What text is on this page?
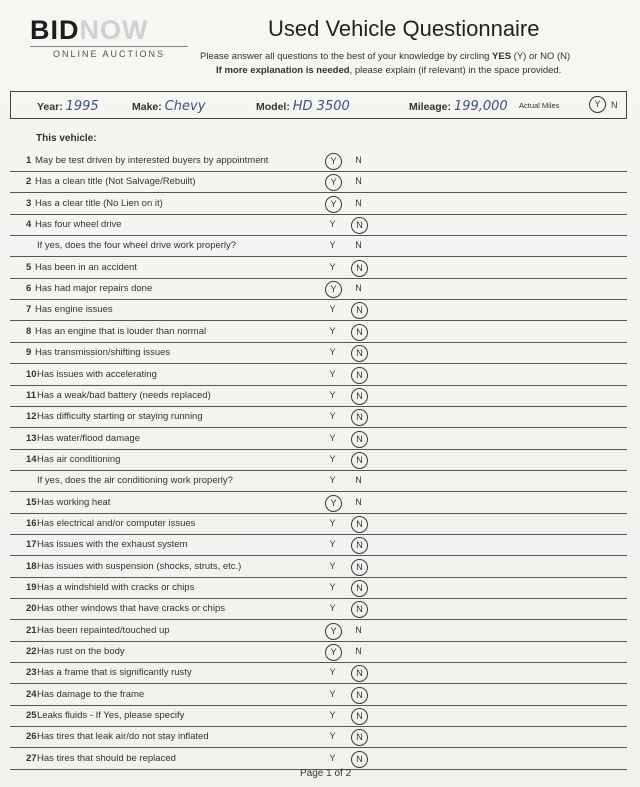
BIDNOW
ONLINE AUCTIONS
Used Vehicle Questionnaire
Please answer all questions to the best of your knowledge by circling YES (Y) or NO (N)
If more explanation is needed, please explain (if relevant) in the space provided.
Year: 1995	Make: Chevy	Model: HD 3500	Mileage: 199,000 Actual Miles	Y	N
This vehicle:
1 May be test driven by interested buyers by appointment	Y	N
2 Has a clean title (Not Salvage/Rebuilt)	Y	N
3 Has a clear title (No Lien on it)	Y	N
4 Has four wheel drive	Y	N
If yes, does the four wheel drive work properly?	Y	N
5 Has been in an accident	Y	N
6 Has had major repairs done	Y	N
7 Has engine issues	Y	N
8 Has an engine that is louder than normal	Y	N
9 Has transmission/shifting issues	Y	N
10 Has issues with accelerating	Y	N
11 Has a weak/bad battery (needs replaced)	Y	N
12 Has difficulty starting or staying running	Y	N
13 Has water/flood damage	Y	N
14 Has air conditioning	Y	N
If yes, does the air conditioning work properly?	Y	N
15 Has working heat	Y	N
16 Has electrical and/or computer issues	Y	N
17 Has issues with the exhaust system	Y	N
18 Has issues with suspension (shocks, struts, etc.)	Y	N
19 Has a windshield with cracks or chips	Y	N
20 Has other windows that have cracks or chips	Y	N
21 Has been repainted/touched up	Y	N
22 Has rust on the body	Y	N
23 Has a frame that is significantly rusty	Y	N
24 Has damage to the frame	Y	N
25 Leaks fluids - If Yes, please specify	Y	N
26 Has tires that leak air/do not stay inflated	Y	N
27 Has tires that should be replaced	Y	N
Page 1 of 2
